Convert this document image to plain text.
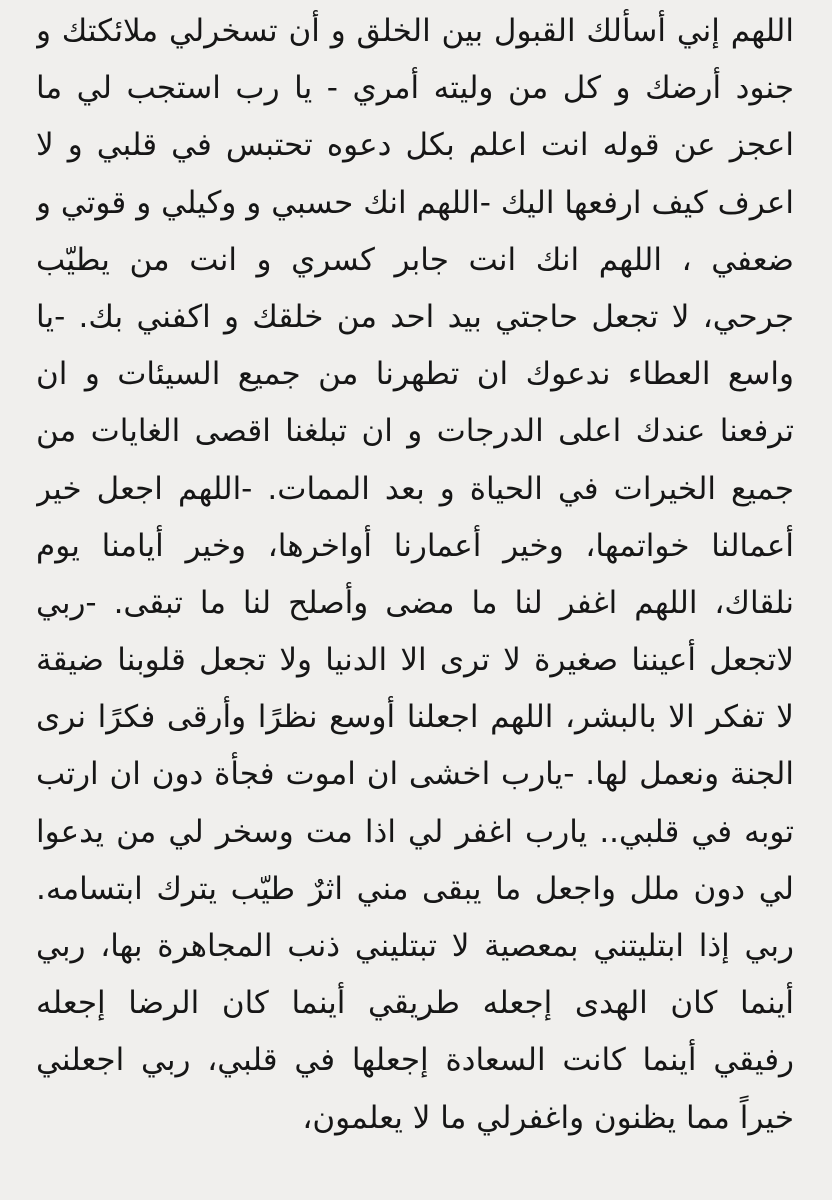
اللهم إني أسألك القبول بين الخلق و أن تسخرلي ملائكتك و
جنود أرضك و كل من وليته أمري - يا رب استجب لي ما
اعجز عن قوله انت اعلم بكل دعوه تحتبس في قلبي و لا
اعرف كيف ارفعها اليك -اللهم انك حسبي و وكيلي و قوتي و
ضعفي ، اللهم انك انت جابر كسري و انت من يطيّب
جرحي، لا تجعل حاجتي بيد احد من خلقك و اكفني بك. -يا
واسع العطاء ندعوك ان تطهرنا من جميع السيئات و ان
ترفعنا عندك اعلى الدرجات و ان تبلغنا اقصى الغايات من
جميع الخيرات في الحياة و بعد الممات. -اللهم اجعل خير
أعمالنا خواتمها، وخير أعمارنا أواخرها، وخير أيامنا يوم
نلقاك، اللهم اغفر لنا ما مضى وأصلح لنا ما تبقى. -ربي
لاتجعل أعيننا صغيرة لا ترى الا الدنيا ولا تجعل قلوبنا ضيقة
لا تفكر الا بالبشر، اللهم اجعلنا أوسع نظرًا وأرقى فكرًا نرى
الجنة ونعمل لها. -يارب اخشى ان اموت فجأة دون ان ارتب
توبه في قلبي.. يارب اغفر لي اذا مت وسخر لي من يدعوا
لي دون ملل واجعل ما يبقى مني اثرٌ طيّب يترك ابتسامه.
ربي إذا ابتليتني بمعصية لا تبتليني ذنب المجاهرة بها، ربي
أينما كان الهدى إجعله طريقي أينما كان الرضا إجعله
رفيقي أينما كانت السعادة إجعلها في قلبي، ربي اجعلني
خيراً مما يظنون واغفرلي ما لا يعلمون،
